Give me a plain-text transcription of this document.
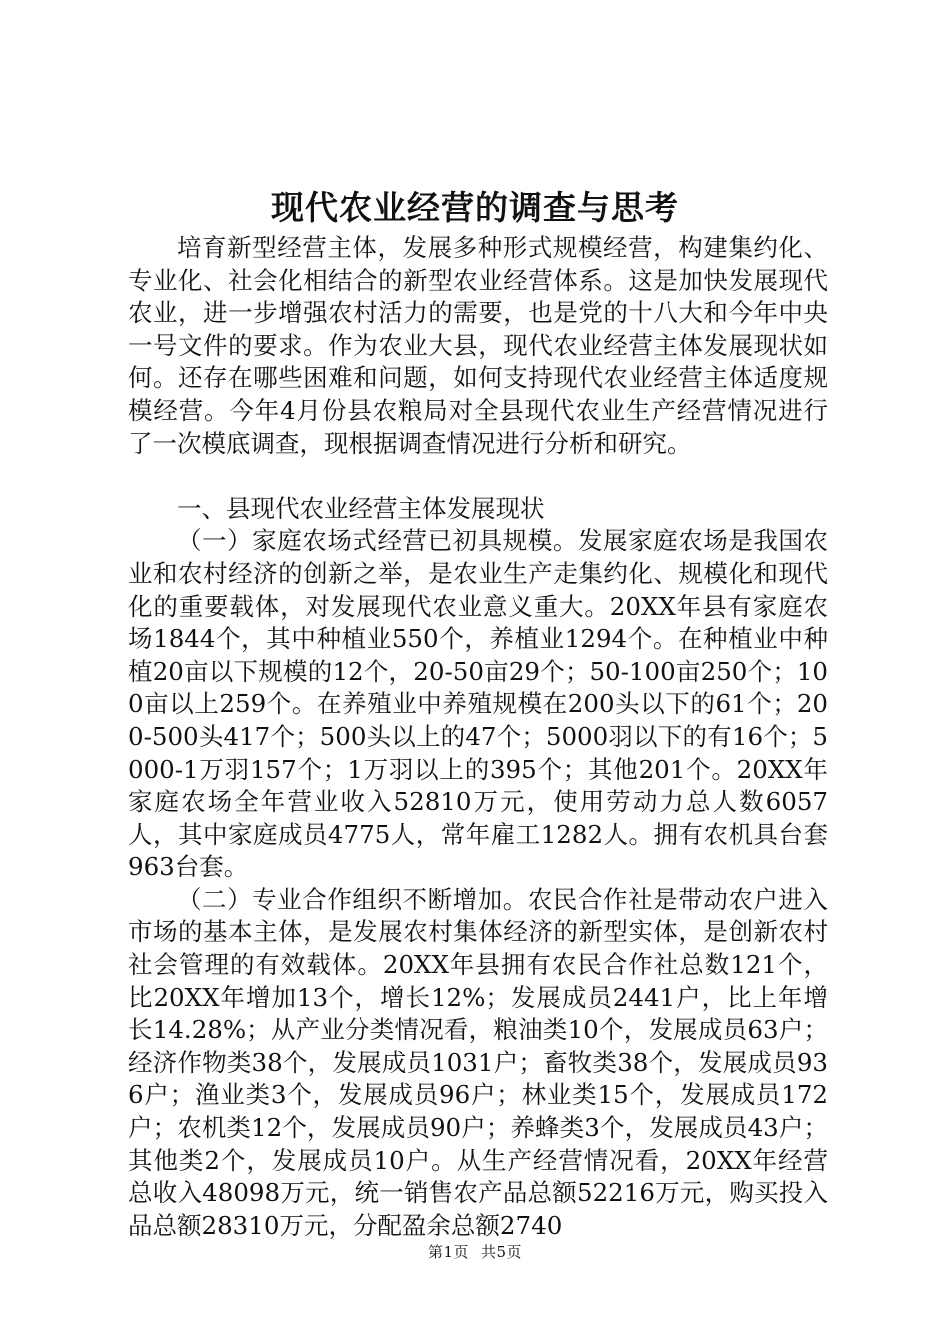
现代农业经营的调查与思考

培育新型经营主体，发展多种形式规模经营，构建集约化、专业化、社会化相结合的新型农业经营体系。这是加快发展现代农业，进一步增强农村活力的需要，也是党的十八大和今年中央一号文件的要求。作为农业大县，现代农业经营主体发展现状如何。还存在哪些困难和问题，如何支持现代农业经营主体适度规模经营。今年4月份县农粮局对全县现代农业生产经营情况进行了一次模底调查，现根据调查情况进行分析和研究。

一、县现代农业经营主体发展现状

（一）家庭农场式经营已初具规模。发展家庭农场是我国农业和农村经济的创新之举，是农业生产走集约化、规模化和现代化的重要载体，对发展现代农业意义重大。20XX年县有家庭农场1844个，其中种植业550个，养植业1294个。在种植业中种植20亩以下规模的12个，20-50亩29个；50-100亩250个；100亩以上259个。在养殖业中养殖规模在200头以下的61个；200-500头417个；500头以上的47个；5000羽以下的有16个；5000-1万羽157个；1万羽以上的395个；其他201个。20XX年家庭农场全年营业收入52810万元，使用劳动力总人数6057人，其中家庭成员4775人，常年雇工1282人。拥有农机具台套963台套。

（二）专业合作组织不断增加。农民合作社是带动农户进入市场的基本主体，是发展农村集体经济的新型实体，是创新农村社会管理的有效载体。20XX年县拥有农民合作社总数121个，比20XX年增加13个，增长12%；发展成员2441户，比上年增长14.28%；从产业分类情况看，粮油类10个，发展成员63户；经济作物类38个，发展成员1031户；畜牧类38个，发展成员936户；渔业类3个，发展成员96户；林业类15个，发展成员172户；农机类12个，发展成员90户；养蜂类3个，发展成员43户；其他类2个，发展成员10户。从生产经营情况看，20XX年经营总收入48098万元，统一销售农产品总额52216万元，购买投入品总额28310万元，分配盈余总额2740

第1页 共5页
